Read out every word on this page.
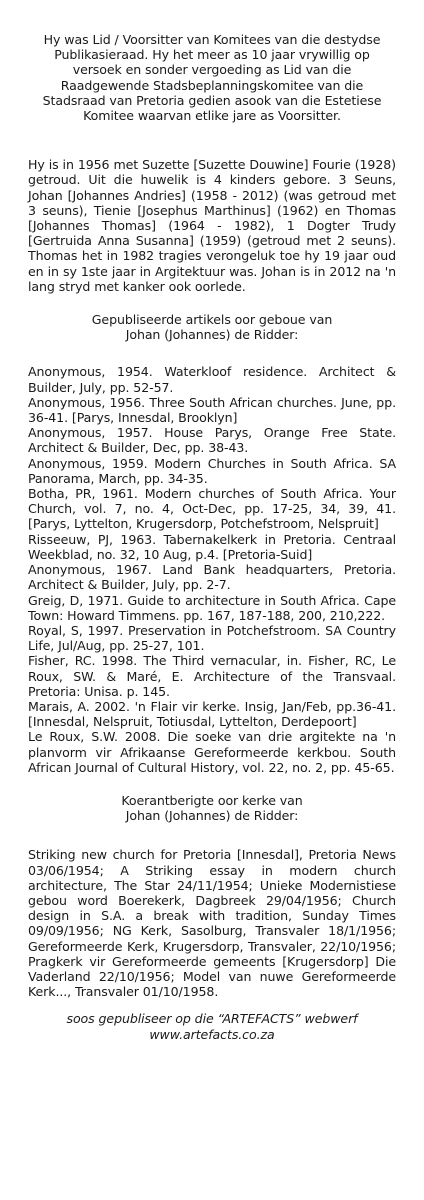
Hy was Lid / Voorsitter van Komitees van die destydse Publikasieraad. Hy het meer as 10 jaar vrywillig op versoek en sonder vergoeding as Lid van die Raadgewende Stadsbeplanningskomitee van die Stadsraad van Pretoria gedien asook van die Estetiese Komitee waarvan etlike jare as Voorsitter.

Hy is in 1956 met Suzette [Suzette Douwine] Fourie (1928) getroud. Uit die huwelik is 4 kinders gebore. 3 Seuns, Johan [Johannes Andries] (1958 - 2012) (was getroud met 3 seuns), Tienie [Josephus Marthinus] (1962) en Thomas [Johannes Thomas] (1964 - 1982), 1 Dogter Trudy [Gertruida Anna Susanna] (1959) (getroud met 2 seuns). Thomas het in 1982 tragies verongeluk toe hy 19 jaar oud en in sy 1ste jaar in Argitektuur was. Johan is in 2012 na 'n lang stryd met kanker ook oorlede.

Gepubliseerde artikels oor geboue van

Johan (Johannes) de Ridder:

Anonymous, 1954. Waterkloof residence. Architect & Builder, July, pp. 52-57.

Anonymous, 1956. Three South African churches. June, pp. 36-41. [Parys, Innesdal, Brooklyn]

Anonymous, 1957. House Parys, Orange Free State. Architect & Builder, Dec, pp. 38-43.

Anonymous, 1959. Modern Churches in South Africa. SA Panorama, March, pp. 34-35.

Botha, PR, 1961. Modern churches of South Africa. Your Church, vol. 7, no. 4, Oct-Dec, pp. 17-25, 34, 39, 41. [Parys, Lyttelton, Krugersdorp, Potchefstroom, Nelspruit]

Risseeuw, PJ, 1963. Tabernakelkerk in Pretoria. Centraal Weekblad, no. 32, 10 Aug, p.4. [Pretoria-Suid]

Anonymous, 1967. Land Bank headquarters, Pretoria. Architect & Builder, July, pp. 2-7.

Greig, D, 1971. Guide to architecture in South Africa. Cape Town: Howard Timmens. pp. 167, 187-188, 200, 210,222.

Royal, S, 1997. Preservation in Potchefstroom. SA Country Life, Jul/Aug, pp. 25-27, 101.

Fisher, RC. 1998. The Third vernacular, in. Fisher, RC, Le Roux, SW. & Maré, E. Architecture of the Transvaal. Pretoria: Unisa. p. 145.

Marais, A. 2002. 'n Flair vir kerke. Insig, Jan/Feb, pp.36-41. [Innesdal, Nelspruit, Totiusdal, Lyttelton, Derdepoort]

Le Roux, S.W. 2008. Die soeke van drie argitekte na 'n planvorm vir Afrikaanse Gereformeerde kerkbou. South African Journal of Cultural History, vol. 22, no. 2, pp. 45-65.

Koerantberigte oor kerke van

Johan (Johannes) de Ridder:

Striking new church for Pretoria [Innesdal], Pretoria News 03/06/1954; A Striking essay in modern church architecture, The Star 24/11/1954; Unieke Modernistiese gebou word Boerekerk, Dagbreek 29/04/1956; Church design in S.A. a break with tradition, Sunday Times 09/09/1956; NG Kerk, Sasolburg, Transvaler 18/1/1956; Gereformeerde Kerk, Krugersdorp, Transvaler, 22/10/1956; Pragkerk vir Gereformeerde gemeents [Krugersdorp] Die Vaderland 22/10/1956; Model van nuwe Gereformeerde Kerk..., Transvaler 01/10/1958.

soos gepubliseer op die “ARTEFACTS” webwerf

www.artefacts.co.za
